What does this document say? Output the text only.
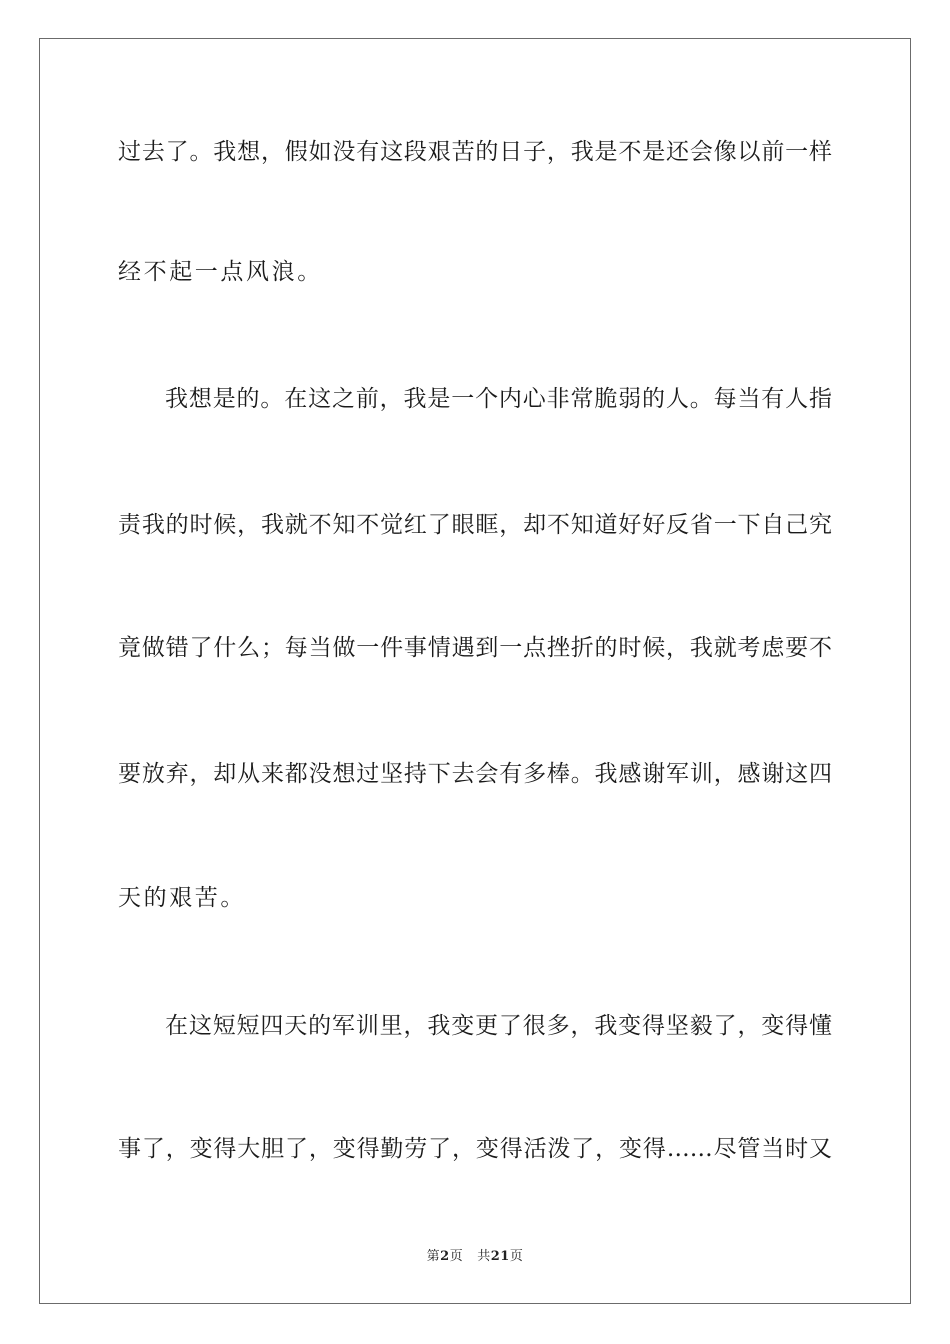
过去了。我想，假如没有这段艰苦的日子，我是不是还会像以前一样
经不起一点风浪。
我想是的。在这之前，我是一个内心非常脆弱的人。每当有人指
责我的时候，我就不知不觉红了眼眶，却不知道好好反省一下自己究
竟做错了什么；每当做一件事情遇到一点挫折的时候，我就考虑要不
要放弃，却从来都没想过坚持下去会有多棒。我感谢军训，感谢这四
天的艰苦。
在这短短四天的军训里，我变更了很多，我变得坚毅了，变得懂
事了，变得大胆了，变得勤劳了，变得活泼了，变得……尽管当时又
第2页 共21页
